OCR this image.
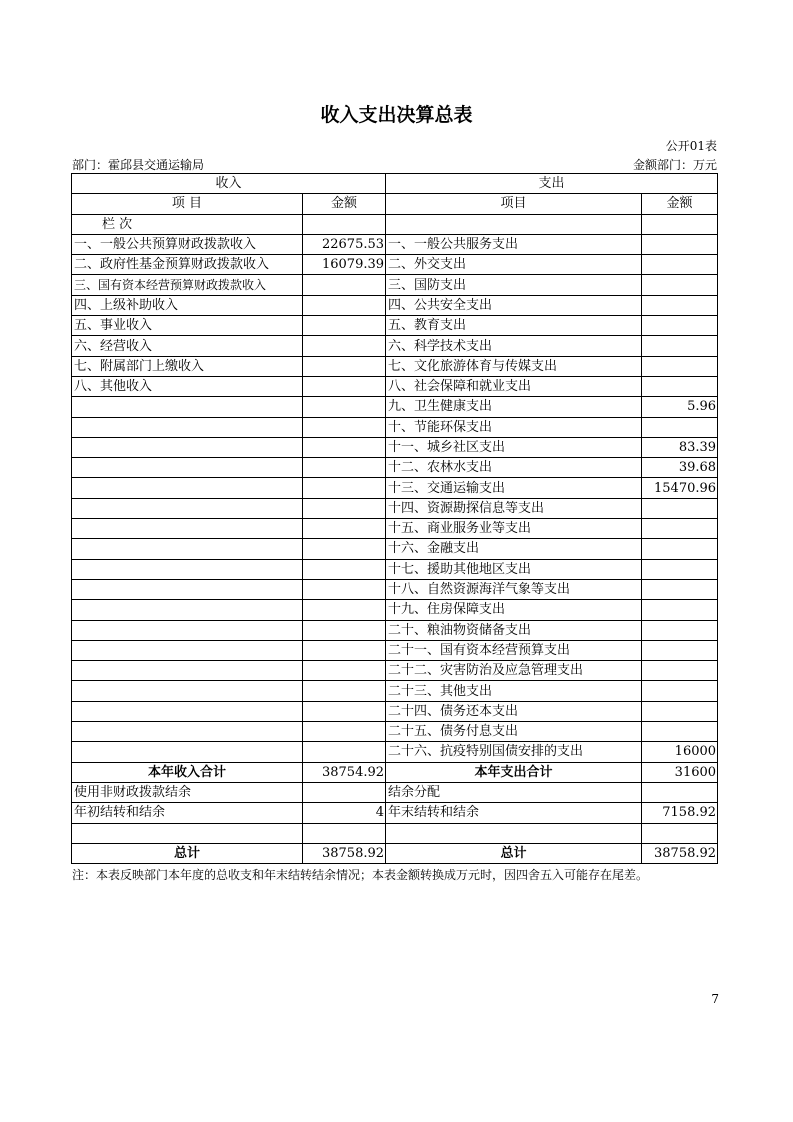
收入支出决算总表
公开01表
部门：霍邱县交通运输局	金额部门：万元
收入		支出	
项 目	金额	项目	金额
栏 次			
一、一般公共预算财政拨款收入	22675.53	一、一般公共服务支出	
二、政府性基金预算财政拨款收入	16079.39	二、外交支出	
三、国有资本经营预算财政拨款收入		三、国防支出	
四、上级补助收入		四、公共安全支出	
五、事业收入		五、教育支出	
六、经营收入		六、科学技术支出	
七、附属部门上缴收入		七、文化旅游体育与传媒支出	
八、其他收入		八、社会保障和就业支出	
		九、卫生健康支出	5.96
		十、节能环保支出	
		十一、城乡社区支出	83.39
		十二、农林水支出	39.68
		十三、交通运输支出	15470.96
		十四、资源勘探信息等支出	
		十五、商业服务业等支出	
		十六、金融支出	
		十七、援助其他地区支出	
		十八、自然资源海洋气象等支出	
		十九、住房保障支出	
		二十、粮油物资储备支出	
		二十一、国有资本经营预算支出	
		二十二、灾害防治及应急管理支出	
		二十三、其他支出	
		二十四、债务还本支出	
		二十五、债务付息支出	
		二十六、抗疫特别国债安排的支出	16000
本年收入合计	38754.92	本年支出合计	31600
使用非财政拨款结余		结余分配	
年初结转和结余	4	年末结转和结余	7158.92

总计	38758.92	总计	38758.92
注：本表反映部门本年度的总收支和年末结转结余情况；本表金额转换成万元时，因四舍五入可能存在尾差。
7
